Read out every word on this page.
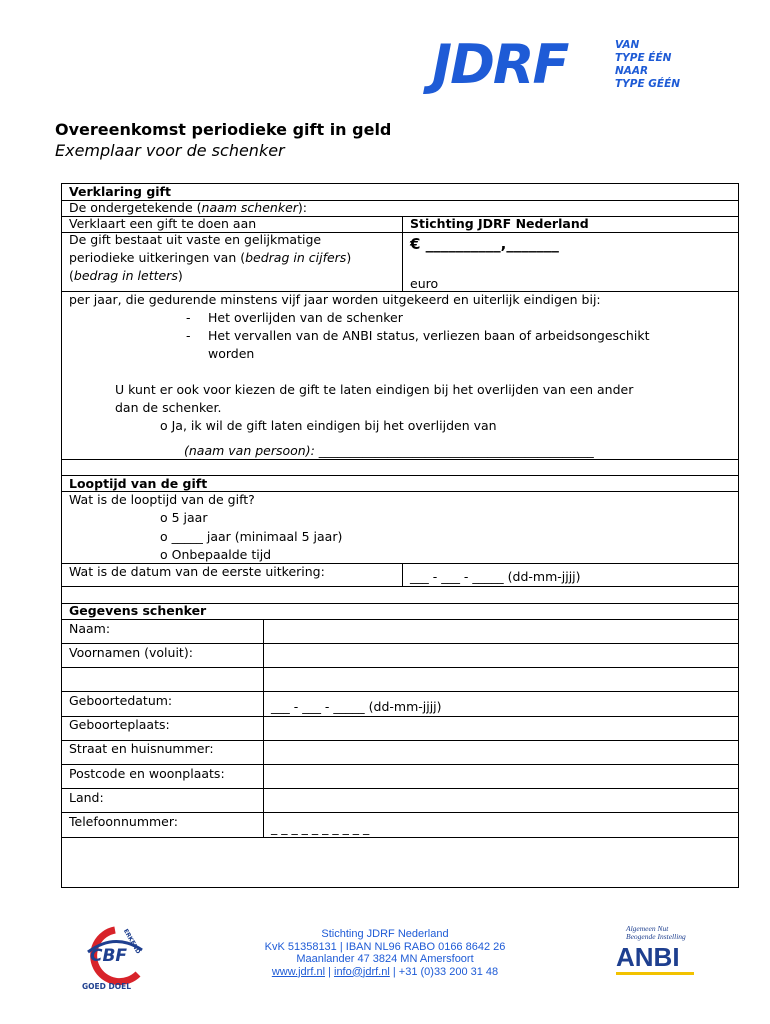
JDRF	VAN
TYPE ÉÉN
NAAR
TYPE GÉÉN
Overeenkomst periodieke gift in geld
Exemplaar voor de schenker
Verklaring gift
De ondergetekende (naam schenker):
Verklaart een gift te doen aan	Stichting JDRF Nederland
De gift bestaat uit vaste en gelijkmatige
periodieke uitkeringen van (bedrag in cijfers)
(bedrag in letters)
€ __________,_______
euro
per jaar, die gedurende minstens vijf jaar worden uitgekeerd en uiterlijk eindigen bij:
- Het overlijden van de schenker
- Het vervallen van de ANBI status, verliezen baan of arbeidsongeschikt
worden
U kunt er ook voor kiezen de gift te laten eindigen bij het overlijden van een ander
dan de schenker.
o Ja, ik wil de gift laten eindigen bij het overlijden van
(naam van persoon): ____________________________________________
Looptijd van de gift
Wat is de looptijd van de gift?
o 5 jaar
o _____ jaar (minimaal 5 jaar)
o Onbepaalde tijd
Wat is de datum van de eerste uitkering:	___ - ___ - _____ (dd-mm-jjjj)
Gegevens schenker
Naam:
Voornamen (voluit):
Geboortedatum:	___ - ___ - _____ (dd-mm-jjjj)
Geboorteplaats:
Straat en huisnummer:
Postcode en woonplaats:
Land:
Telefoonnummer:	_ _ _ _ _ _ _ _ _ _
CBF
ERKEND
GOED DOEL
Stichting JDRF Nederland
KvK 51358131 | IBAN NL96 RABO 0166 8642 26
Maanlander 47 3824 MN Amersfoort
www.jdrf.nl | info@jdrf.nl | +31 (0)33 200 31 48
Algemeen Nut
Beogende Instelling
ANBI
